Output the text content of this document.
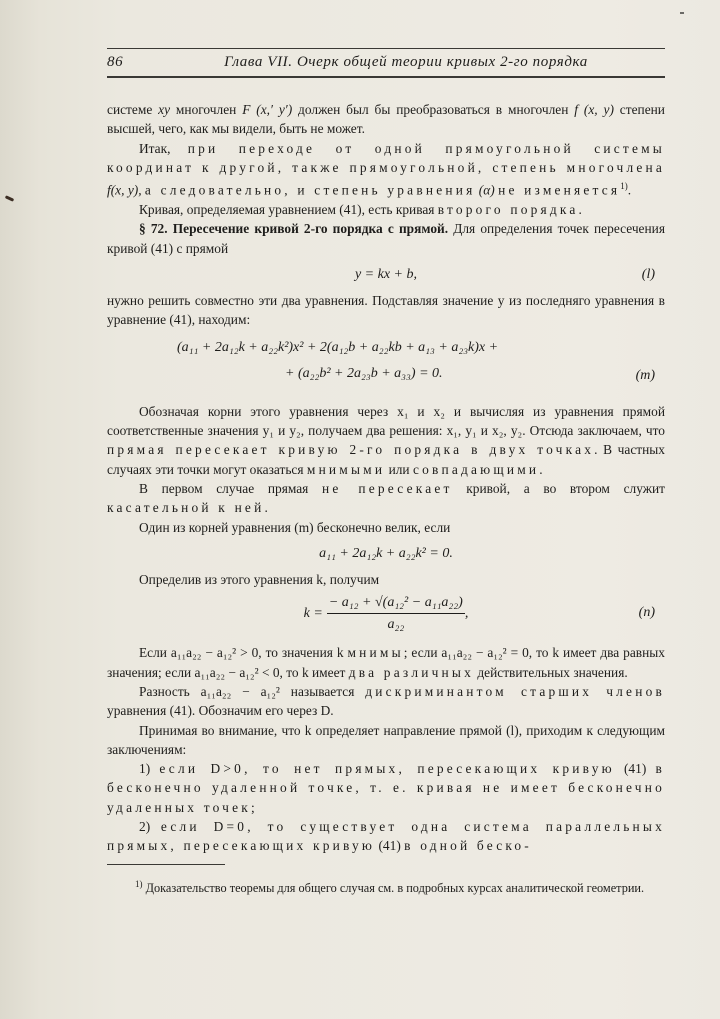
86	Глава VII. Очерк общей теории кривых 2-го порядка

системе xy многочлен F (x,′ y′) должен был бы преобразоваться в многочлен f (x, y) степени высшей, чего, как мы видели, быть не может.

Итак, при переходе от одной прямоугольной системы координат к другой, также прямоугольной, степень многочлена f(x, y), а следовательно, и степень уравнения (α) не изменяется$^{1)}$.

Кривая, определяемая уравнением (41), есть кривая второго порядка.

§ 72. Пересечение кривой 2-го порядка с прямой. Для определения точек пересечения кривой (41) с прямой

y = kx + b,	(l)

нужно решить совместно эти два уравнения. Подставляя значение y из последняго уравнения в уравнение (41), находим:

(a₁₁ + 2a₁₂k + a₂₂k²)x² + 2(a₁₂b + a₂₂kb + a₁₃ + a₂₃k)x +
+ (a₂₂b² + 2a₂₃b + a₃₃) = 0.	(m)

Обозначая корни этого уравнения через x₁ и x₂ и вычисляя из уравнения прямой соответственные значения y₁ и y₂, получаем два решения: x₁, y₁ и x₂, y₂. Отсюда заключаем, что прямая пересекает кривую 2-го порядка в двух точках. В частных случаях эти точки могут оказаться мнимыми или совпадающими.

В первом случае прямая не пересекает кривой, а во втором служит касательной к ней.

Один из корней уравнения (m) бесконечно велик, если

a₁₁ + 2a₁₂k + a₂₂k² = 0.

Определив из этого уравнения k, получим

$k = \frac{\text{− a₁₂ + √(a₁₂² − a₁₁a₂₂)}}{\text{a₂₂}}$ ,	(n)

Если a₁₁a₂₂ − a₁₂² > 0, то значения k мнимы; если a₁₁a₂₂ − a₁₂² = 0, то k имеет два равных значения; если a₁₁a₂₂ − a₁₂² < 0, то k имеет два различных действительных значения.

Разность a₁₁a₂₂ − a₁₂² называется дискриминантом старших членов уравнения (41). Обозначим его через D.

Принимая во внимание, что k определяет направление прямой (l), приходим к следующим заключениям:

1) если D>0, то нет прямых, пересекающих кривую (41) в бесконечно удаленной точке, т. е. кривая не имеет бесконечно удаленных точек;

2) если D=0, то существует одна система параллельных прямых, пересекающих кривую (41) в одной беско-

$^{1)}$ Доказательство теоремы для общего случая см. в подробных курсах аналитической геометрии.
